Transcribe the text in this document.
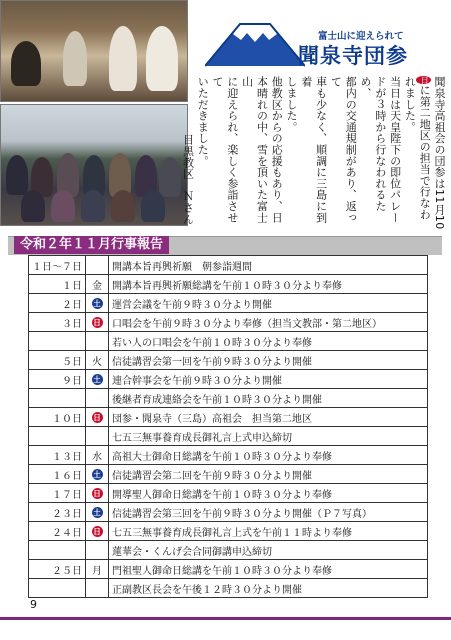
富士山に迎えられて
聞泉寺団参
聞泉寺高祖会の団参は11月10
日に第二地区の担当で行なわ
れました。
当日は天皇陛下の即位パレー
ドが３時から行なわれるため、
都内の交通規制があり、返って
車も少なく、順調に三島に到着
しました。
他教区からの応援もあり、日
本晴れの中、雪を頂いた富士山
に迎えられ、楽しく参詣させて
いただきました。
目黒教区　Ｎさん
令和２年１１月行事報告
１日～７日		開講本旨再興祈願　朝参詣週間
１日	金	開講本旨再興祈願総講を午前１０時３０分より奉修
２日	土	運営会議を午前９時３０分より開催
３日	日	口唱会を午前９時３０分より奉修（担当文教部・第二地区）
		若い人の口唱会を午前１０時３０分より奉修
５日	火	信徒講習会第一回を午前９時３０分より開催
９日	土	連合幹事会を午前９時３０分より開催
		後継者育成連絡会を午前１０時３０分より開催
１０日	日	団参・聞泉寺（三島）高祖会　担当第二地区
		七五三無事養育成長御礼言上式申込締切
１３日	水	高祖大士御命日総講を午前１０時３０分より奉修
１６日	土	信徒講習会第二回を午前９時３０分より開催
１７日	日	開導聖人御命日総講を午前１０時３０分より奉修
２３日	土	信徒講習会第三回を午前９時３０分より開催（Ｐ７写真）
２４日	日	七五三無事養育成長御礼言上式を午前１１時より奉修
		蓮華会・くんげ会合同御講申込締切
２５日	月	門祖聖人御命日総講を午前１０時３０分より奉修
		正副教区長会を午後１２時３０分より開催
9
